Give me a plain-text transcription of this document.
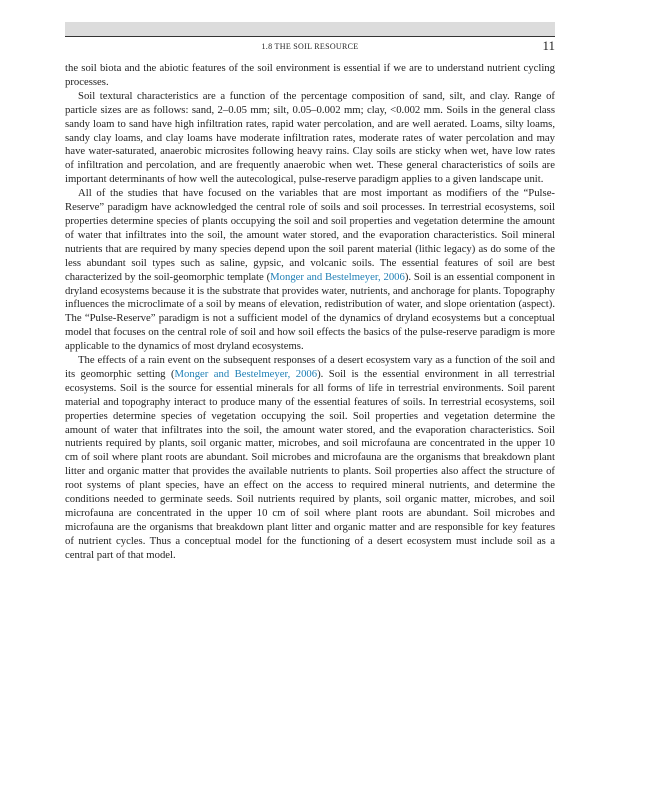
1.8 THE SOIL RESOURCE	11

the soil biota and the abiotic features of the soil environment is essential if we are to understand nutrient cycling processes.

Soil textural characteristics are a function of the percentage composition of sand, silt, and clay. Range of particle sizes are as follows: sand, 2–0.05 mm; silt, 0.05–0.002 mm; clay, <0.002 mm. Soils in the general class sandy loam to sand have high infiltration rates, rapid water percolation, and are well aerated. Loams, silty loams, sandy clay loams, and clay loams have moderate infiltration rates, moderate rates of water percolation and may have water-saturated, anaerobic microsites following heavy rains. Clay soils are sticky when wet, have low rates of infiltration and percolation, and are frequently anaerobic when wet. These general characteristics of soils are important determinants of how well the autecological, pulse-reserve paradigm applies to a given landscape unit.

All of the studies that have focused on the variables that are most important as modifiers of the “Pulse-Reserve” paradigm have acknowledged the central role of soils and soil processes. In terrestrial ecosystems, soil properties determine species of plants occupying the soil and soil properties and vegetation determine the amount of water that infiltrates into the soil, the amount water stored, and the evaporation characteristics. Soil mineral nutrients that are required by many species depend upon the soil parent material (lithic legacy) as do some of the less abundant soil types such as saline, gypsic, and volcanic soils. The essential features of soil are best characterized by the soil-geomorphic template (Monger and Bestelmeyer, 2006). Soil is an essential component in dryland ecosystems because it is the substrate that provides water, nutrients, and anchorage for plants. Topography influences the microclimate of a soil by means of elevation, redistribution of water, and slope orientation (aspect). The “Pulse-Reserve” paradigm is not a sufficient model of the dynamics of dryland ecosystems but a conceptual model that focuses on the central role of soil and how soil effects the basics of the pulse-reserve paradigm is more applicable to the dynamics of most dryland ecosystems.

The effects of a rain event on the subsequent responses of a desert ecosystem vary as a function of the soil and its geomorphic setting (Monger and Bestelmeyer, 2006). Soil is the essential environment in all terrestrial ecosystems. Soil is the source for essential minerals for all forms of life in terrestrial environments. Soil parent material and topography interact to produce many of the essential features of soils. In terrestrial ecosystems, soil properties determine species of vegetation occupying the soil. Soil properties and vegetation determine the amount of water that infiltrates into the soil, the amount water stored, and the evaporation characteristics. Soil nutrients required by plants, soil organic matter, microbes, and soil microfauna are concentrated in the upper 10 cm of soil where plant roots are abundant. Soil microbes and microfauna are the organisms that breakdown plant litter and organic matter that provides the available nutrients to plants. Soil properties also affect the structure of root systems of plant species, have an effect on the access to required mineral nutrients, and determine the conditions needed to germinate seeds. Soil nutrients required by plants, soil organic matter, microbes, and soil microfauna are concentrated in the upper 10 cm of soil where plant roots are abundant. Soil microbes and microfauna are the organisms that breakdown plant litter and organic matter and are responsible for key features of nutrient cycles. Thus a conceptual model for the functioning of a desert ecosystem must include soil as a central part of that model.
